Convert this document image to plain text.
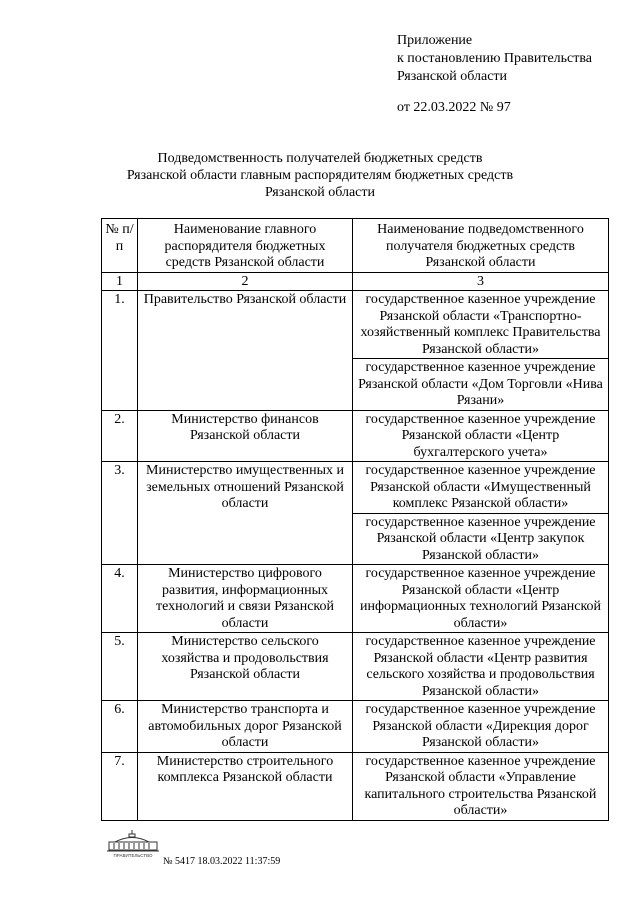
Приложение
к постановлению Правительства
Рязанской области
от 22.03.2022 № 97
Подведомственность получателей бюджетных средств
Рязанской области главным распорядителям бюджетных средств
Рязанской области
№ п/п	Наименование главного распорядителя бюджетных средств Рязанской области	Наименование подведомственного получателя бюджетных средств Рязанской области
1	2	3
1.	Правительство Рязанской области	государственное казенное учреждение Рязанской области «Транспортно-хозяйственный комплекс Правительства Рязанской области»
		государственное казенное учреждение Рязанской области «Дом Торговли «Нива Рязани»
2.	Министерство финансов Рязанской области	государственное казенное учреждение Рязанской области «Центр бухгалтерского учета»
3.	Министерство имущественных и земельных отношений Рязанской области	государственное казенное учреждение Рязанской области «Имущественный комплекс Рязанской области»
		государственное казенное учреждение Рязанской области «Центр закупок Рязанской области»
4.	Министерство цифрового развития, информационных технологий и связи Рязанской области	государственное казенное учреждение Рязанской области «Центр информационных технологий Рязанской области»
5.	Министерство сельского хозяйства и продовольствия Рязанской области	государственное казенное учреждение Рязанской области «Центр развития сельского хозяйства и продовольствия Рязанской области»
6.	Министерство транспорта и автомобильных дорог Рязанской области	государственное казенное учреждение Рязанской области «Дирекция дорог Рязанской области»
7.	Министерство строительного комплекса Рязанской области	государственное казенное учреждение Рязанской области «Управление капитального строительства Рязанской области»
ПРАВИТЕЛЬСТВО
№ 5417 18.03.2022 11:37:59
